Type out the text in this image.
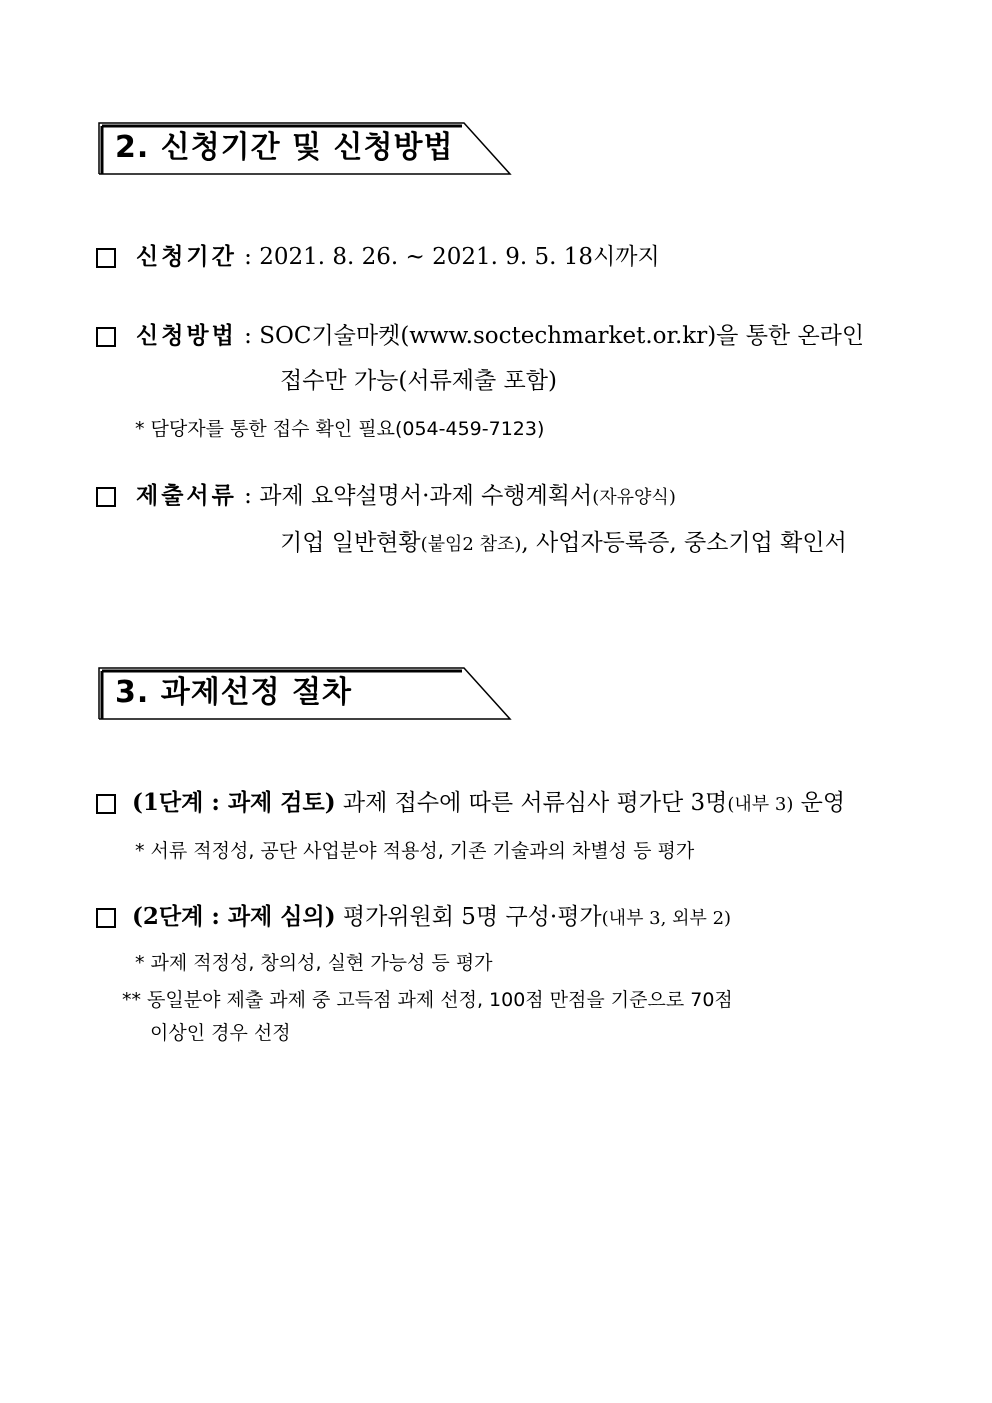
2. 신청기간 및 신청방법
신청기간 : 2021. 8. 26. ~ 2021. 9. 5. 18시까지
신청방법 : SOC기술마켓(www.soctechmarket.or.kr)을 통한 온라인
접수만 가능(서류제출 포함)
* 담당자를 통한 접수 확인 필요(054-459-7123)
제출서류 : 과제 요약설명서·과제 수행계획서(자유양식)
기업 일반현황(붙임2 참조), 사업자등록증, 중소기업 확인서
3. 과제선정 절차
(1단계 : 과제 검토) 과제 접수에 따른 서류심사 평가단 3명(내부 3) 운영
* 서류 적정성, 공단 사업분야 적용성, 기존 기술과의 차별성 등 평가
(2단계 : 과제 심의) 평가위원회 5명 구성·평가(내부 3, 외부 2)
* 과제 적정성, 창의성, 실현 가능성 등 평가
** 동일분야 제출 과제 중 고득점 과제 선정, 100점 만점을 기준으로 70점
이상인 경우 선정
